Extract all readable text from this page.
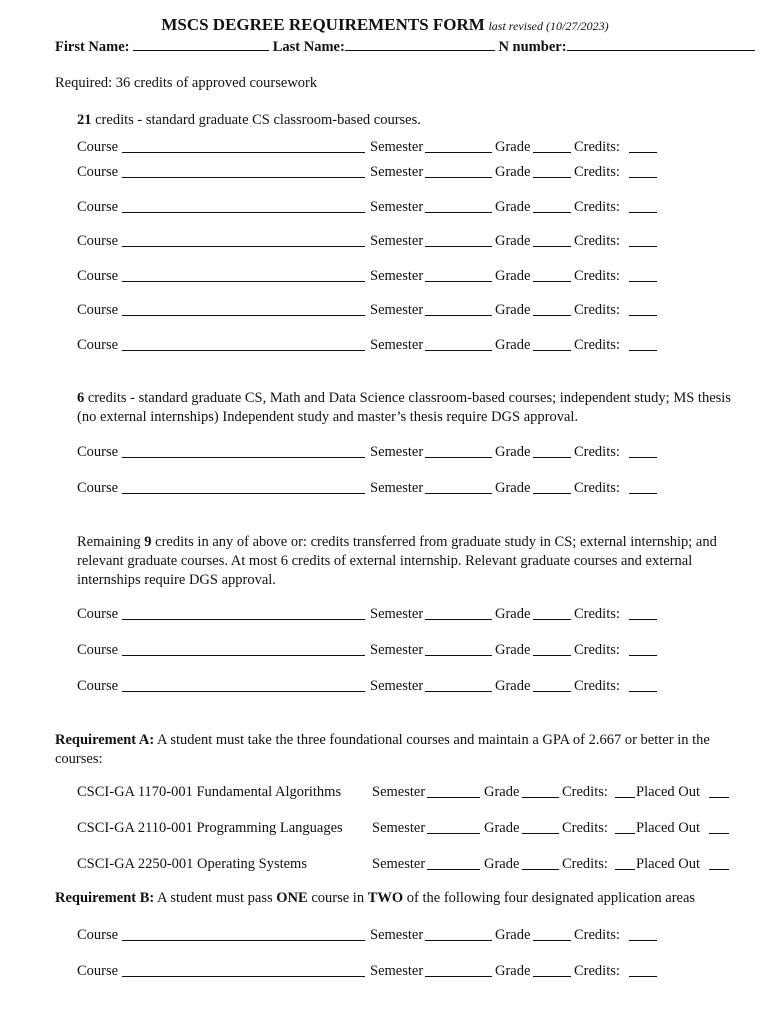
MSCS DEGREE REQUIREMENTS FORM last revised (10/27/2023)
First Name:	Last Name:	N number:
Required: 36 credits of approved coursework
21 credits - standard graduate CS classroom-based courses.
6 credits - standard graduate CS, Math and Data Science classroom-based courses; independent study; MS thesis (no external internships) Independent study and master’s thesis require DGS approval.
Remaining 9 credits in any of above or: credits transferred from graduate study in CS; external internship; and relevant graduate courses. At most 6 credits of external internship. Relevant graduate courses and external internships require DGS approval.
Requirement A: A student must take the three foundational courses and maintain a GPA of 2.667 or better in the courses:
Requirement B: A student must pass ONE course in TWO of the following four designated application areas
Course	Semester	Grade	Credits:
Course	Semester	Grade	Credits:
Course	Semester	Grade	Credits:
Course	Semester	Grade	Credits:
Course	Semester	Grade	Credits:
Course	Semester	Grade	Credits:
Course	Semester	Grade	Credits:
Course	Semester	Grade	Credits:
Course	Semester	Grade	Credits:
Course	Semester	Grade	Credits:
Course	Semester	Grade	Credits:
Course	Semester	Grade	Credits:
Course	Semester	Grade	Credits:
Course	Semester	Grade	Credits:
CSCI-GA 1170-001 Fundamental Algorithms Semester	Grade	Credits: Placed Out
CSCI-GA 2110-001 Programming Languages Semester	Grade	Credits: Placed Out
CSCI-GA 2250-001 Operating Systems	Semester	Grade	Credits: Placed Out
